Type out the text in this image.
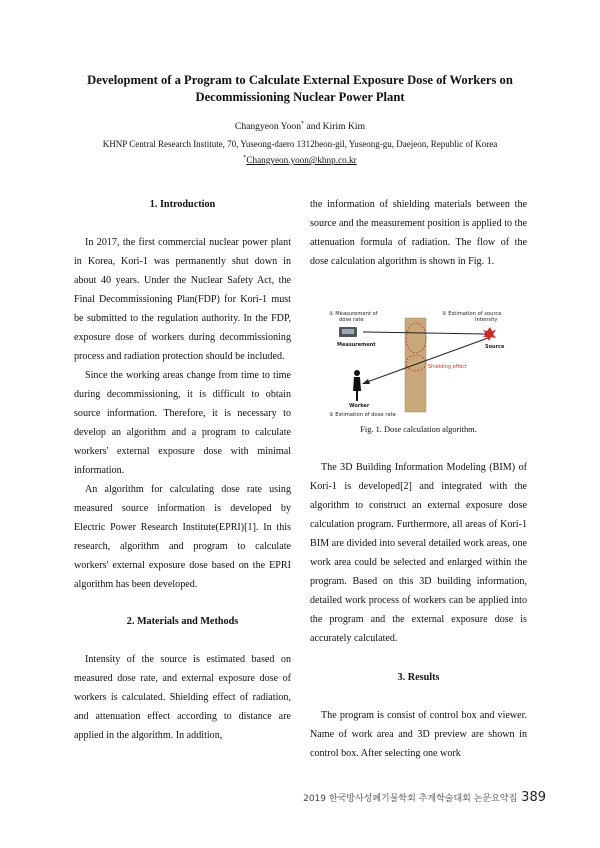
Development of a Program to Calculate External Exposure Dose of Workers on
Decommissioning Nuclear Power Plant
Changyeon Yoon* and Kirim Kim
KHNP Central Research Institute, 70, Yuseong-daero 1312beon-gil, Yuseong-gu, Daejeon, Republic of Korea
*Changyeon.yoon@khnp.co.kr
1. Introduction

In 2017, the first commercial nuclear power plant in Korea, Kori-1 was permanently shut down in about 40 years. Under the Nuclear Safety Act, the Final Decommissioning Plan(FDP) for Kori-1 must be submitted to the regulation authority. In the FDP, exposure dose of workers during decommissioning process and radiation protection should be included.

Since the working areas change from time to time during decommissioning, it is difficult to obtain source information. Therefore, it is necessary to develop an algorithm and a program to calculate workers' external exposure dose with minimal information.

An algorithm for calculating dose rate using measured source information is developed by Electric Power Research Institute(EPRI)[1]. In this research, algorithm and program to calculate workers' external exposure dose based on the EPRI algorithm has been developed.

2. Materials and Methods

Intensity of the source is estimated based on measured dose rate, and external exposure dose of workers is calculated. Shielding effect of radiation, and attenuation effect according to distance are applied in the algorithm. In addition,

the information of shielding materials between the source and the measurement position is applied to the attenuation formula of radiation. The flow of the dose calculation algorithm is shown in Fig. 1.

① Measurement of
dose rate
Measurement
② Estimation of source
intensity
Source
Shielding effect
Worker
③ Estimation of dose rate
Fig. 1. Dose calculation algorithm.

The 3D Building Information Modeling (BIM) of Kori-1 is developed[2] and integrated with the algorithm to construct an external exposure dose calculation program. Furthermore, all areas of Kori-1 BIM are divided into several detailed work areas, one work area could be selected and enlarged within the program. Based on this 3D building information, detailed work process of workers can be applied into the program and the external exposure dose is accurately calculated.

3. Results

The program is consist of control box and viewer. Name of work area and 3D preview are shown in control box. After selecting one work

2019 한국방사성폐기물학회 추계학술대회 논문요약집 389
